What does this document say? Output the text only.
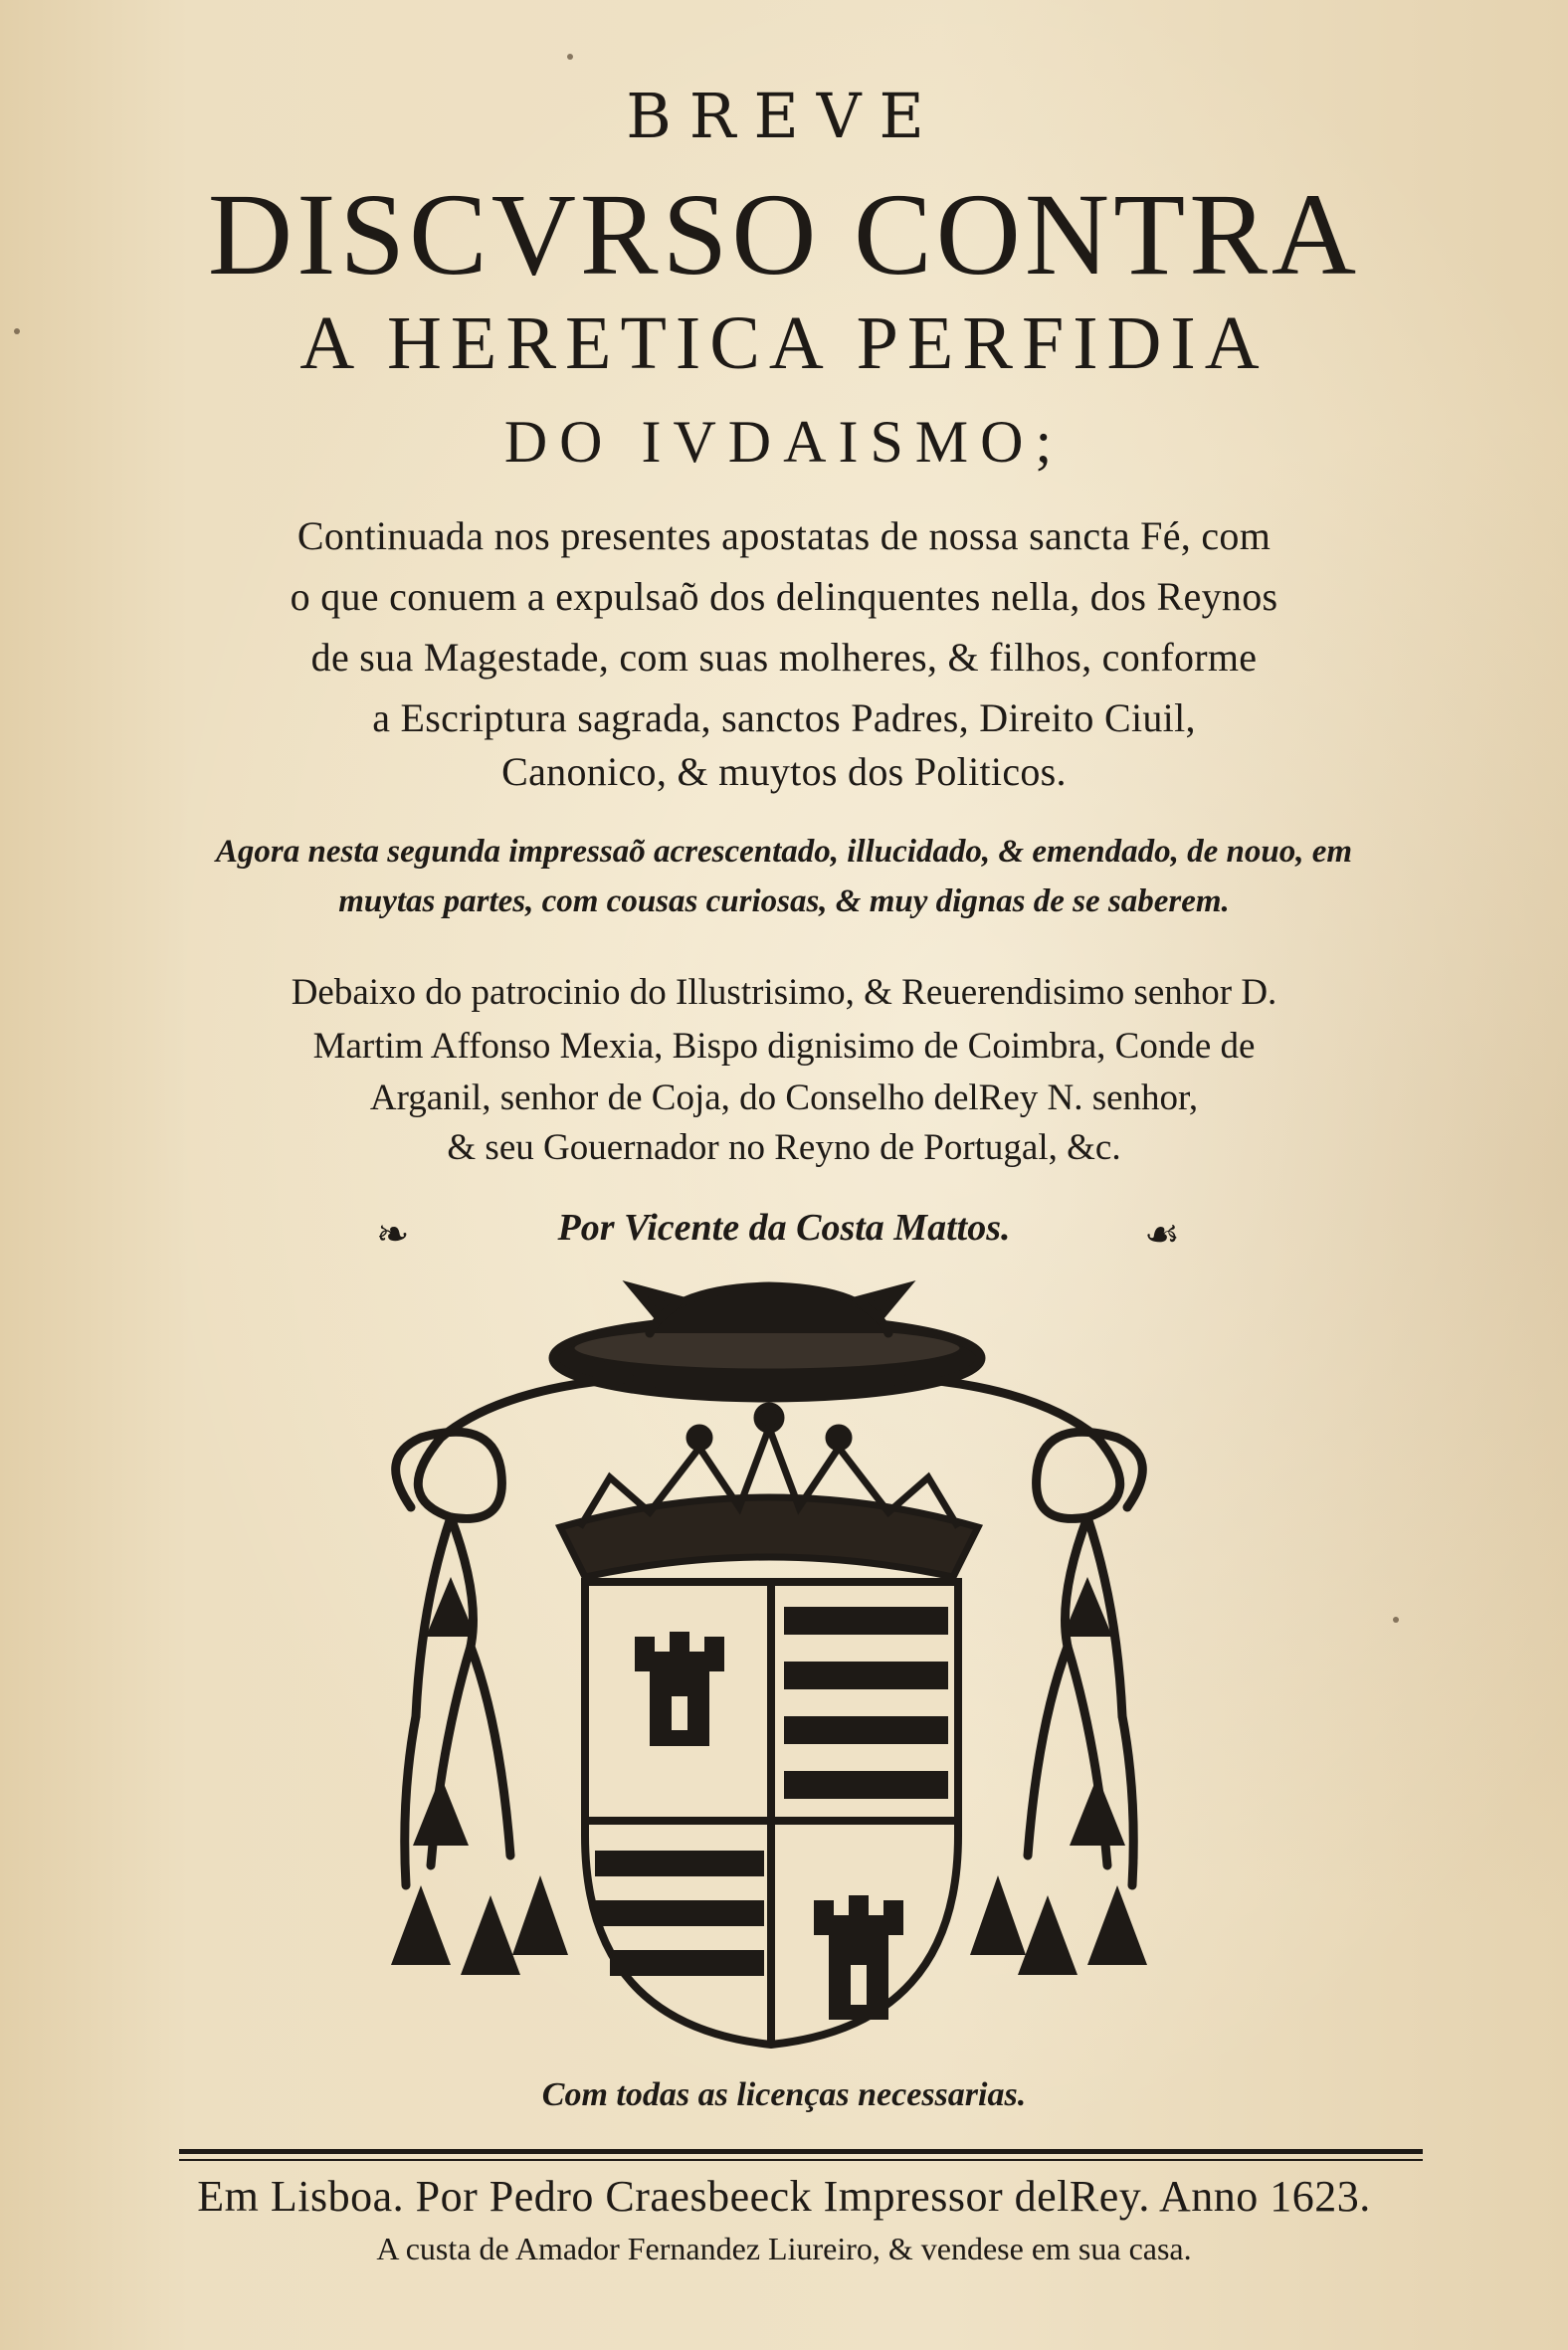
BREVE

DISCVRSO CONTRA

A HERETICA PERFIDIA

DO IVDAISMO;

Continuada nos presentes apostatas de nossa sancta Fé, com

o que conuem a expulsaõ dos delinquentes nella, dos Reynos

de sua Magestade, com suas molheres, & filhos, conforme

a Escriptura sagrada, sanctos Padres, Direito Ciuil,

Canonico, & muytos dos Politicos.

Agora nesta segunda impressaõ acrescentado, illucidado, & emendado, de nouo, em

muytas partes, com cousas curiosas, & muy dignas de se saberem.

Debaixo do patrocinio do Illustrisimo, & Reuerendisimo senhor D.

Martim Affonso Mexia, Bispo dignisimo de Coimbra, Conde de

Arganil, senhor de Coja, do Conselho delRey N. senhor,

& seu Gouernador no Reyno de Portugal, &c.

❧	Por Vicente da Costa Mattos.	☙

Com todas as licenças necessarias.

Em Lisboa. Por Pedro Craesbeeck Impressor delRey. Anno 1623.

A custa de Amador Fernandez Liureiro, & vendese em sua casa.
